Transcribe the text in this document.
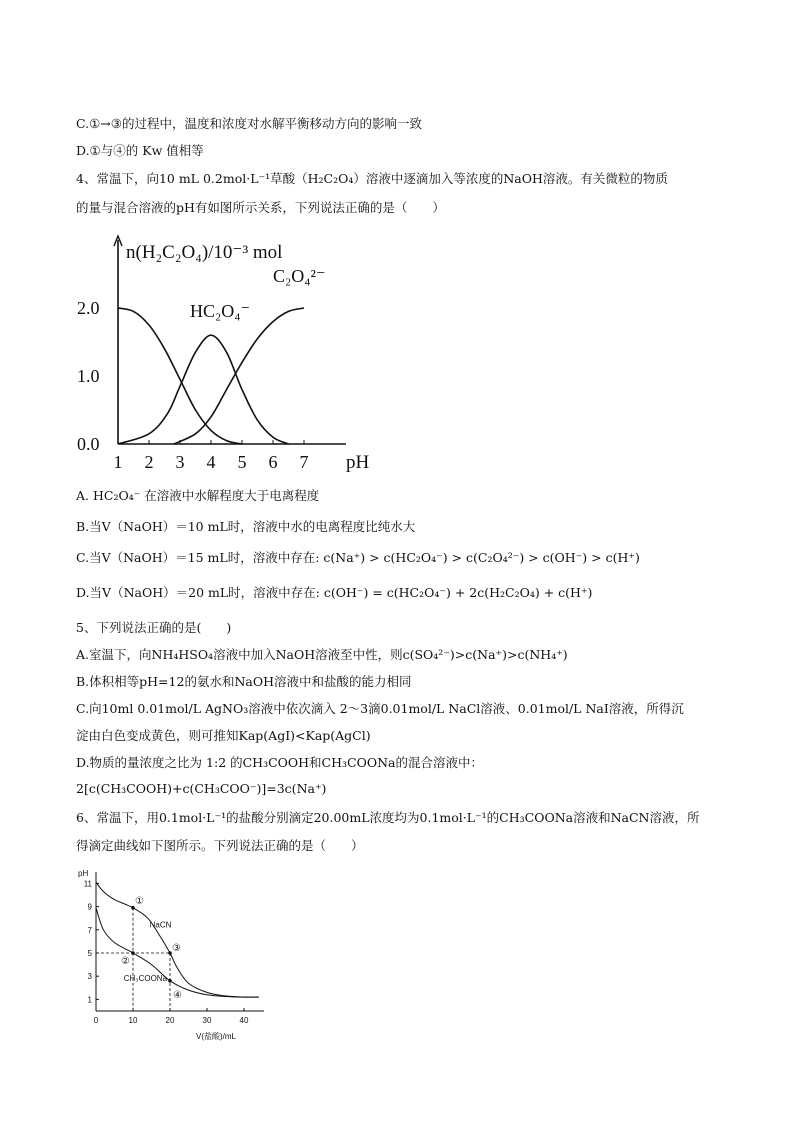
C.①→③的过程中，温度和浓度对水解平衡移动方向的影响一致
D.①与④的 Kw 值相等
4、常温下，向10 mL 0.2mol·L⁻¹草酸（H₂C₂O₄）溶液中逐滴加入等浓度的NaOH溶液。有关微粒的物质
的量与混合溶液的pH有如图所示关系，下列说法正确的是（　　）
1 2 3 4 5 6 7
0.0
1.0
2.0
pH
n(H₂C₂O₄)/10⁻³ mol
HC₂O₄⁻
C₂O₄²⁻
A. HC₂O₄⁻ 在溶液中水解程度大于电离程度
B.当V（NaOH）＝10 mL时，溶液中水的电离程度比纯水大
C.当V（NaOH）＝15 mL时，溶液中存在: c(Na⁺) > c(HC₂O₄⁻) > c(C₂O₄²⁻) > c(OH⁻) > c(H⁺)
D.当V（NaOH）＝20 mL时，溶液中存在: c(OH⁻) = c(HC₂O₄⁻) + 2c(H₂C₂O₄) + c(H⁺)
5、下列说法正确的是(　　)
A.室温下，向NH₄HSO₄溶液中加入NaOH溶液至中性，则c(SO₄²⁻)>c(Na⁺)>c(NH₄⁺)
B.体积相等pH=12的氨水和NaOH溶液中和盐酸的能力相同
C.向10ml 0.01mol/L AgNO₃溶液中依次滴入 2～3滴0.01mol/L NaCl溶液、0.01mol/L NaI溶液，所得沉
淀由白色变成黄色，则可推知Kap(AgI)<Kap(AgCl)
D.物质的量浓度之比为 1:2 的CH₃COOH和CH₃COONa的混合溶液中：
2[c(CH₃COOH)+c(CH₃COO⁻)]=3c(Na⁺)
6、常温下，用0.1mol·L⁻¹的盐酸分别滴定20.00mL浓度均为0.1mol·L⁻¹的CH₃COONa溶液和NaCN溶液，所
得滴定曲线如下图所示。下列说法正确的是（　　）
0	10	20	30	40
1
3
5
7
9
11
pH
V(盐酸)/mL
①
②
③
④
NaCN
CH₃COONa
